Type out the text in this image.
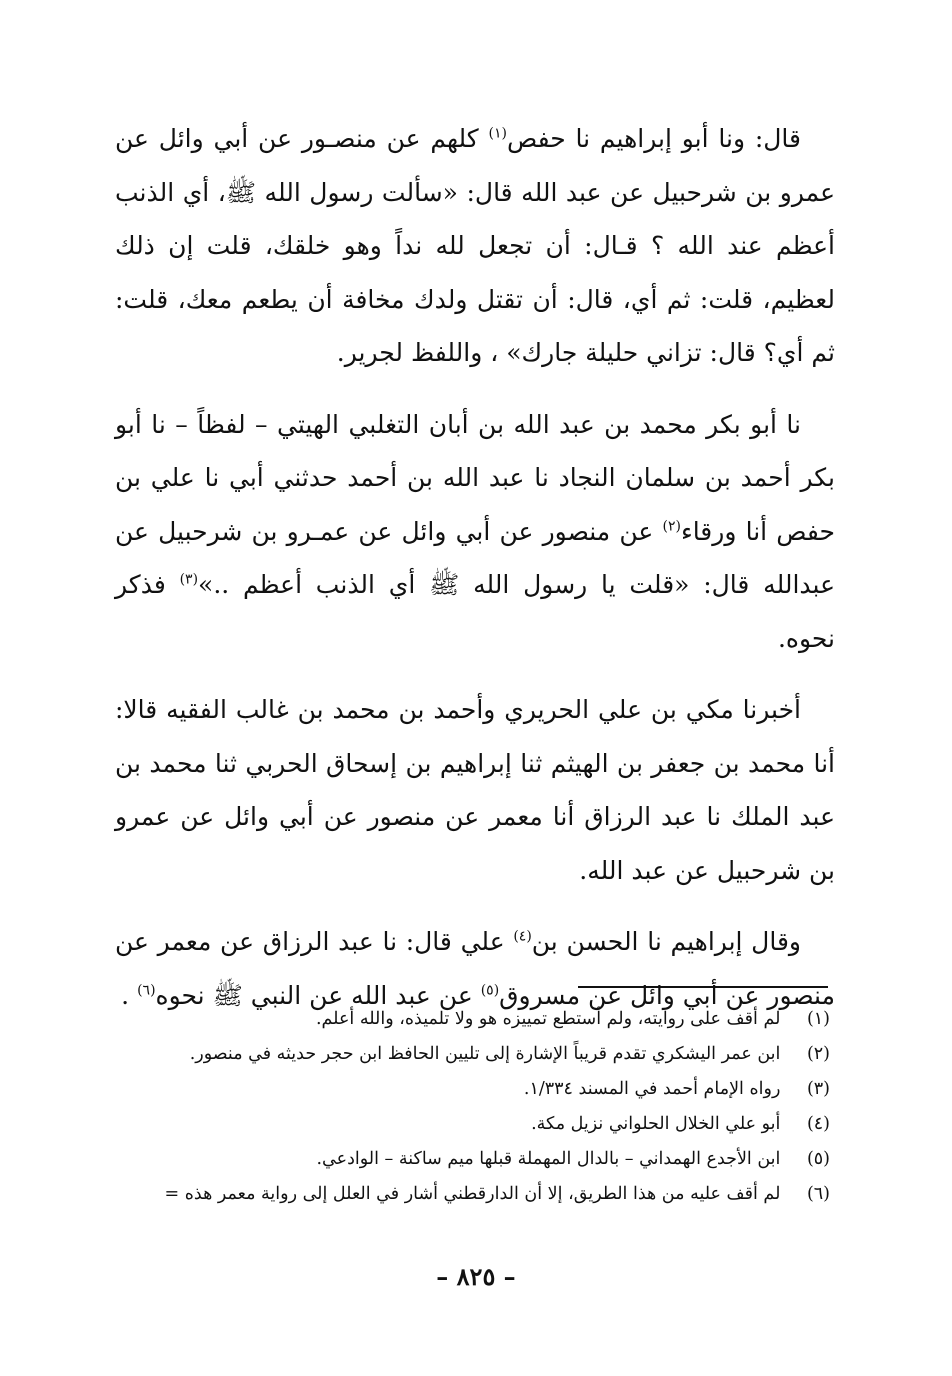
قال: ونا أبو إبراهيم نا حفص$^{(١)}$ كلهم عن منصـور عن أبي وائل عن عمرو بن شرحبيل عن عبد الله قال: «سألت رسول الله ﷺ، أي الذنب أعظم عند الله ؟ قـال: أن تجعل لله نداً وهو خلقك، قلت إن ذلك لعظيم، قلت: ثم أي، قال: أن تقتل ولدك مخافة أن يطعم معك، قلت: ثم أي؟ قال: تزاني حليلة جارك» ، واللفظ لجرير.

نا أبو بكر محمد بن عبد الله بن أبان التغلبي الهيتي – لفظاً – نا أبو بكر أحمد بن سلمان النجاد نا عبد الله بن أحمد حدثني أبي نا علي بن حفص أنا ورقاء$^{(٢)}$ عن منصور عن أبي وائل عن عمـرو بن شرحبيل عن عبدالله قال: «قلت يا رسول الله ﷺ أي الذنب أعظم ..»$^{(٣)}$ فذكر نحوه.

أخبرنا مكي بن علي الحريري وأحمد بن محمد بن غالب الفقيه قالا: أنا محمد بن جعفر بن الهيثم ثنا إبراهيم بن إسحاق الحربي ثنا محمد بن عبد الملك نا عبد الرزاق أنا معمر عن منصور عن أبي وائل عن عمرو بن شرحبيل عن عبد الله.

وقال إبراهيم نا الحسن بن$^{(٤)}$ علي قال: نا عبد الرزاق عن معمر عن منصور عن أبي وائل عن مسروق$^{(٥)}$ عن عبد الله عن النبي ﷺ نحوه$^{(٦)}$ .

(١) لم أقف على روايته، ولم أستطع تمييزه هو ولا تلميذه، والله أعلم.
(٢) ابن عمر اليشكري تقدم قريباً الإشارة إلى تليين الحافظ ابن حجر حديثه في منصور.
(٣) رواه الإمام أحمد في المسند ١/٣٣٤.
(٤) أبو علي الخلال الحلواني نزيل مكة.
(٥) ابن الأجدع الهمداني – بالدال المهملة قبلها ميم ساكنة – الوادعي.
(٦) لم أقف عليه من هذا الطريق، إلا أن الدارقطني أشار في العلل إلى رواية معمر هذه =
– ٨٢٥ –
